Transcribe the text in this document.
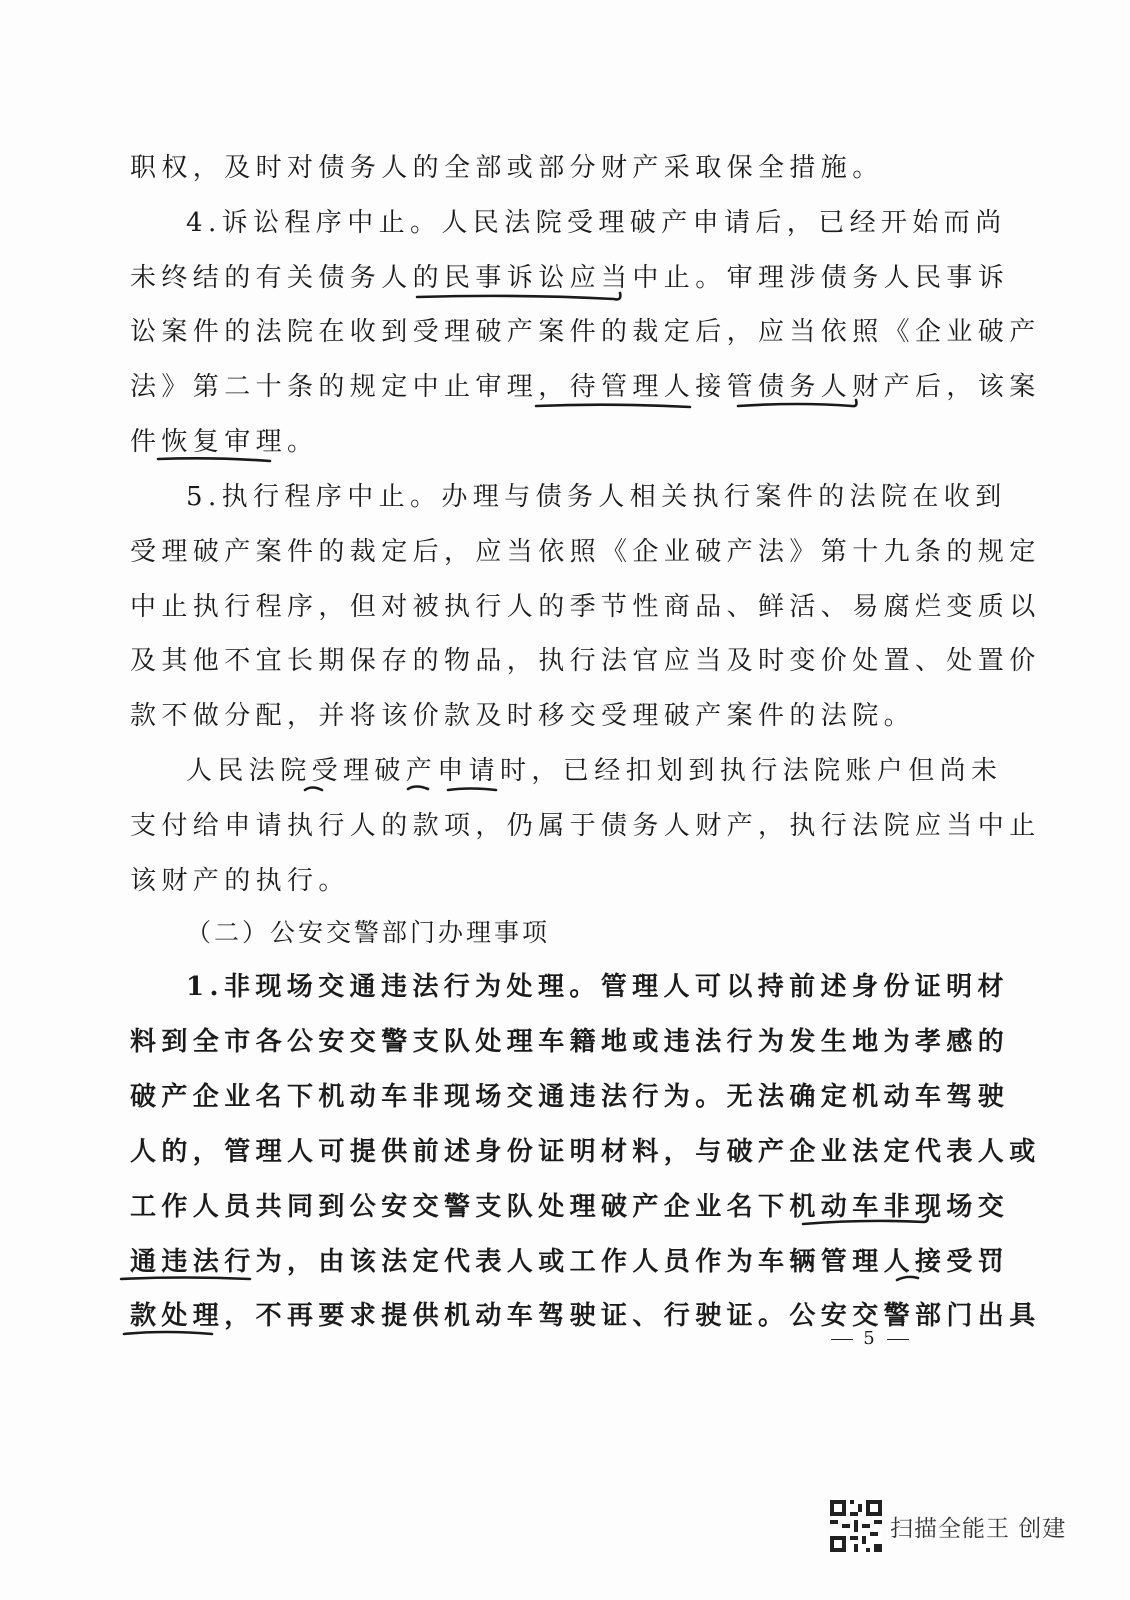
职权，及时对债务人的全部或部分财产采取保全措施。
4.诉讼程序中止。人民法院受理破产申请后，已经开始而尚
未终结的有关债务人的民事诉讼应当中止。审理涉债务人民事诉
讼案件的法院在收到受理破产案件的裁定后，应当依照《企业破产
法》第二十条的规定中止审理，待管理人接管债务人财产后，该案
件恢复审理。
5.执行程序中止。办理与债务人相关执行案件的法院在收到
受理破产案件的裁定后，应当依照《企业破产法》第十九条的规定
中止执行程序，但对被执行人的季节性商品、鲜活、易腐烂变质以
及其他不宜长期保存的物品，执行法官应当及时变价处置、处置价
款不做分配，并将该价款及时移交受理破产案件的法院。
人民法院受理破产申请时，已经扣划到执行法院账户但尚未
支付给申请执行人的款项，仍属于债务人财产，执行法院应当中止
该财产的执行。
（二）公安交警部门办理事项
1.非现场交通违法行为处理。管理人可以持前述身份证明材
料到全市各公安交警支队处理车籍地或违法行为发生地为孝感的
破产企业名下机动车非现场交通违法行为。无法确定机动车驾驶
人的，管理人可提供前述身份证明材料，与破产企业法定代表人或
工作人员共同到公安交警支队处理破产企业名下机动车非现场交
通违法行为，由该法定代表人或工作人员作为车辆管理人接受罚
款处理，不再要求提供机动车驾驶证、行驶证。公安交警部门出具
5
扫描全能王 创建
